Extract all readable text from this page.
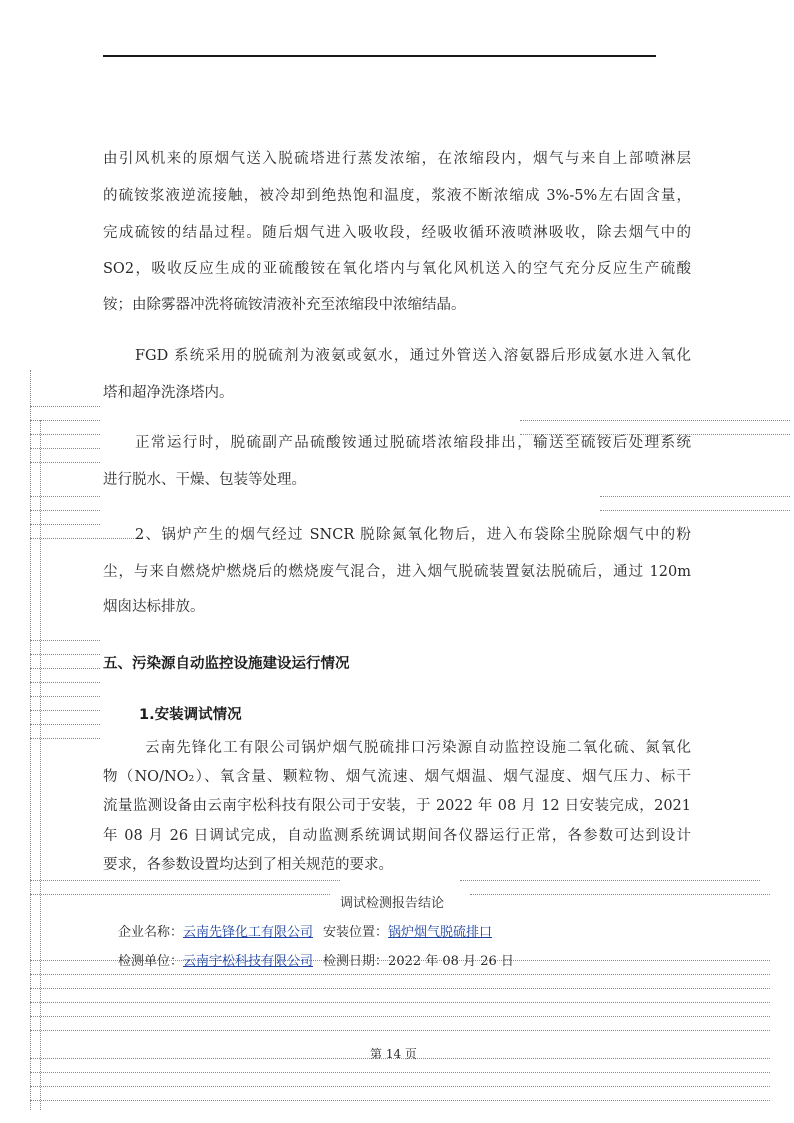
由引风机来的原烟气送入脱硫塔进行蒸发浓缩，在浓缩段内，烟气与来自上部喷淋层
的硫铵浆液逆流接触，被冷却到绝热饱和温度，浆液不断浓缩成 3%-5%左右固含量，
完成硫铵的结晶过程。随后烟气进入吸收段，经吸收循环液喷淋吸收，除去烟气中的
SO2，吸收反应生成的亚硫酸铵在氧化塔内与氧化风机送入的空气充分反应生产硫酸
铵；由除雾器冲洗将硫铵清液补充至浓缩段中浓缩结晶。
FGD 系统采用的脱硫剂为液氨或氨水，通过外管送入溶氨器后形成氨水进入氧化
塔和超净洗涤塔内。
正常运行时，脱硫副产品硫酸铵通过脱硫塔浓缩段排出，输送至硫铵后处理系统
进行脱水、干燥、包装等处理。
2、锅炉产生的烟气经过 SNCR 脱除氮氧化物后，进入布袋除尘脱除烟气中的粉
尘，与来自燃烧炉燃烧后的燃烧废气混合，进入烟气脱硫装置氨法脱硫后，通过 120m
烟囱达标排放。
五、污染源自动监控设施建设运行情况
1.安装调试情况
云南先锋化工有限公司锅炉烟气脱硫排口污染源自动监控设施二氧化硫、氮氧化
物（NO/NO₂）、氧含量、颗粒物、烟气流速、烟气烟温、烟气湿度、烟气压力、标干
流量监测设备由云南宇松科技有限公司于安装，于 2022 年 08 月 12 日安装完成，2021
年 08 月 26 日调试完成，自动监测系统调试期间各仪器运行正常，各参数可达到设计
要求，各参数设置均达到了相关规范的要求。
调试检测报告结论
企业名称：云南先锋化工有限公司 安装位置：锅炉烟气脱硫排口
检测单位：云南宇松科技有限公司 检测日期：2022 年 08 月 26 日
第 14 页
